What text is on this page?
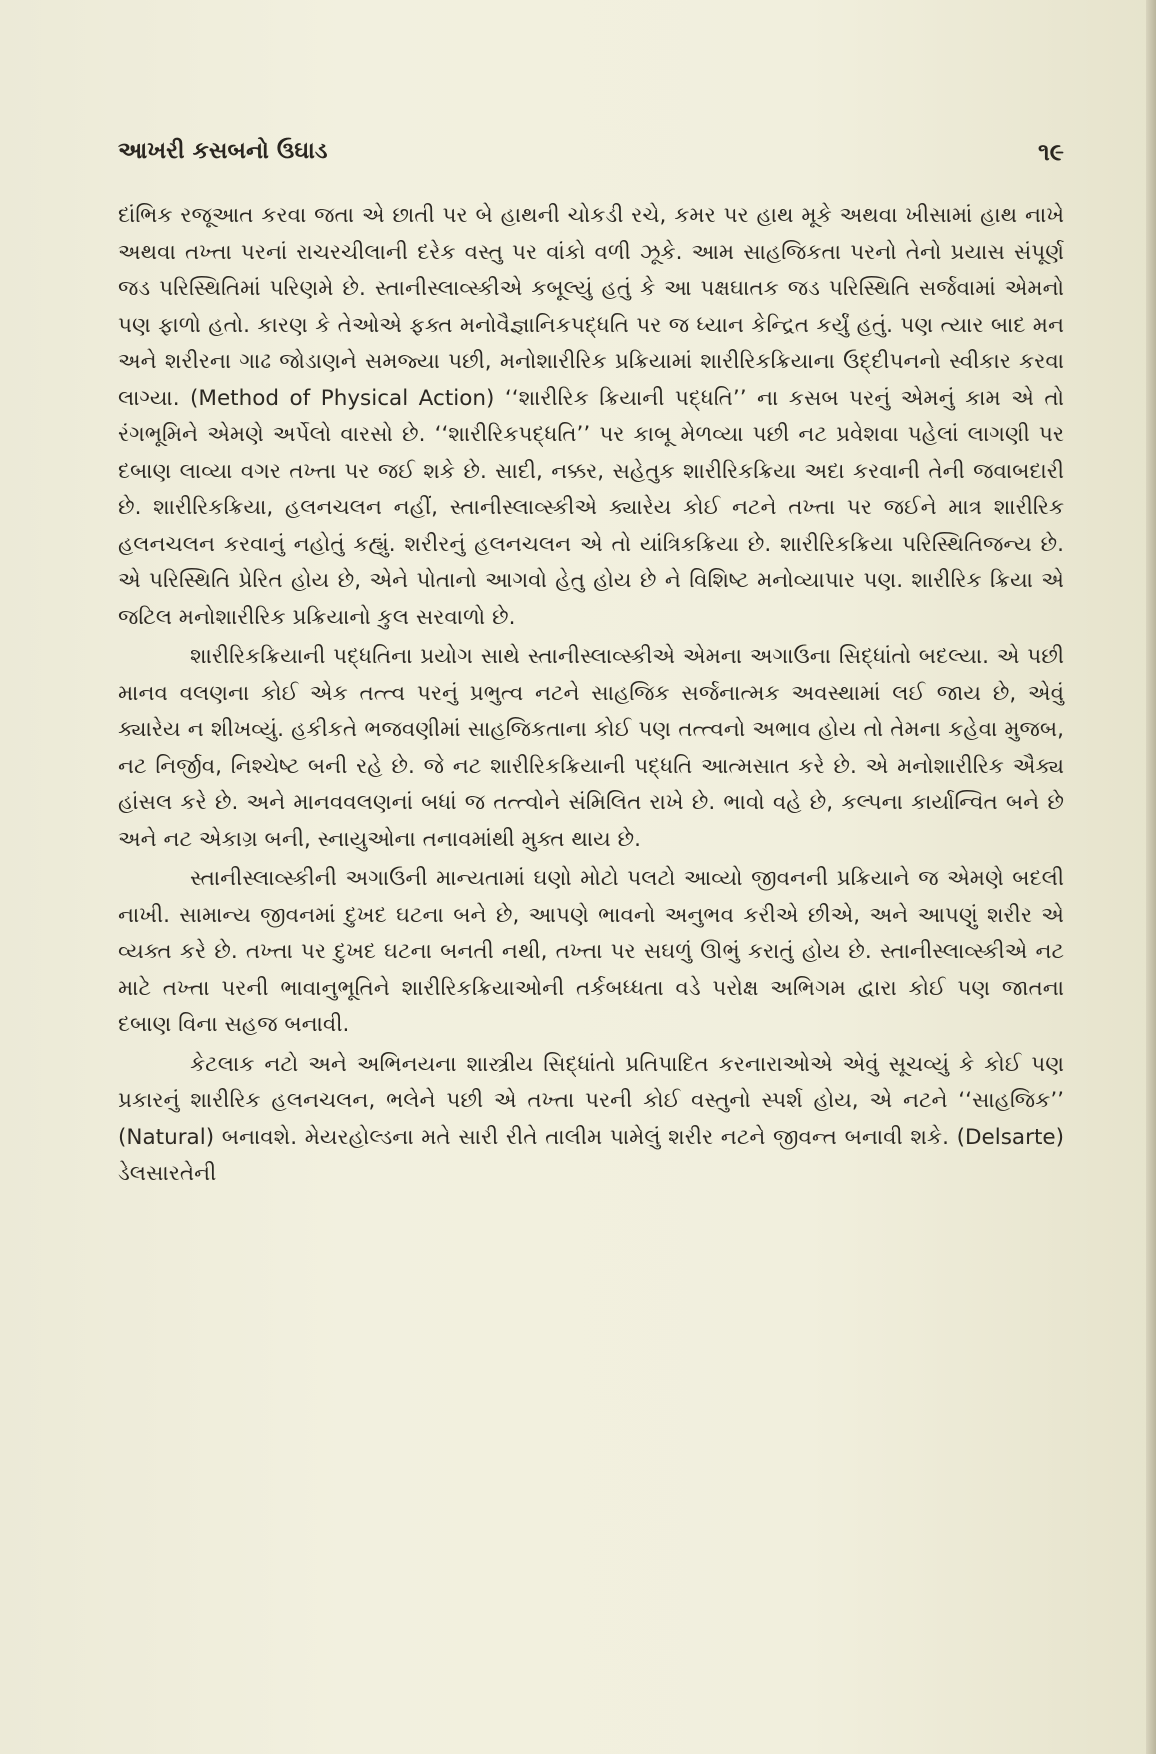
આખરી કસબનો ઉઘાડ	૧૯

દાંભિક રજૂઆત કરવા જતા એ છાતી પર બે હાથની ચોકડી રચે, કમર પર હાથ મૂકે અથવા ખીસામાં હાથ નાખે અથવા તખ્તા પરનાં રાચરચીલાની દરેક વસ્તુ પર વાંકો વળી ઝૂકે. આમ સાહજિકતા પરનો તેનો પ્રયાસ સંપૂર્ણ જડ પરિસ્થિતિમાં પરિણમે છે. સ્તાનીસ્લાવ્સ્કીએ કબૂલ્યું હતું કે આ પક્ષઘાતક જડ પરિસ્થિતિ સર્જવામાં એમનો પણ ફાળો હતો. કારણ કે તેઓએ ફક્ત મનોવૈજ્ઞાનિકપદ્ધતિ પર જ ધ્યાન કેન્દ્રિત કર્યું હતું. પણ ત્યાર બાદ મન અને શરીરના ગાઢ જોડાણને સમજ્યા પછી, મનોશારીરિક પ્રક્રિયામાં શારીરિકક્રિયાના ઉદ્દીપનનો સ્વીકાર કરવા લાગ્યા. (Method of Physical Action) ‘‘શારીરિક ક્રિયાની પદ્ધતિ’’ ના કસબ પરનું એમનું કામ એ તો રંગભૂમિને એમણે અર્પેલો વારસો છે. ‘‘શારીરિકપદ્ધતિ’’ પર કાબૂ મેળવ્યા પછી નટ પ્રવેશવા પહેલાં લાગણી પર દબાણ લાવ્યા વગર તખ્તા પર જઈ શકે છે. સાદી, નક્કર, સહેતુક શારીરિકક્રિયા અદા કરવાની તેની જવાબદારી છે. શારીરિકક્રિયા, હલનચલન નહીં, સ્તાનીસ્લાવ્સ્કીએ ક્યારેય કોઈ નટને તખ્તા પર જઈને માત્ર શારીરિક હલનચલન કરવાનું નહોતું કહ્યું. શરીરનું હલનચલન એ તો યાંત્રિકક્રિયા છે. શારીરિકક્રિયા પરિસ્થિતિજન્ય છે. એ પરિસ્થિતિ પ્રેરિત હોય છે, એને પોતાનો આગવો હેતુ હોય છે ને વિશિષ્ટ મનોવ્યાપાર પણ. શારીરિક ક્રિયા એ જટિલ મનોશારીરિક પ્રક્રિયાનો કુલ સરવાળો છે.

શારીરિકક્રિયાની પદ્ધતિના પ્રયોગ સાથે સ્તાનીસ્લાવ્સ્કીએ એમના અગાઉના સિદ્ધાંતો બદલ્યા. એ પછી માનવ વલણના કોઈ એક તત્ત્વ પરનું પ્રભુત્વ નટને સાહજિક સર્જનાત્મક અવસ્થામાં લઈ જાય છે, એવું ક્યારેય ન શીખવ્યું. હકીકતે ભજવણીમાં સાહજિકતાના કોઈ પણ તત્ત્વનો અભાવ હોય તો તેમના કહેવા મુજબ, નટ નિર્જીવ, નિશ્ચેષ્ટ બની રહે છે. જે નટ શારીરિકક્રિયાની પદ્ધતિ આત્મસાત કરે છે. એ મનોશારીરિક ઐક્ય હાંસલ કરે છે. અને માનવવલણનાં બધાં જ તત્ત્વોને સંમિલિત રાખે છે. ભાવો વહે છે, કલ્પના કાર્યાન્વિત બને છે અને નટ એકાગ્ર બની, સ્નાયુઓના તનાવમાંથી મુક્ત થાય છે.

સ્તાનીસ્લાવ્સ્કીની અગાઉની માન્યતામાં ઘણો મોટો પલટો આવ્યો જીવનની પ્રક્રિયાને જ એમણે બદલી નાખી. સામાન્ય જીવનમાં દુખદ ઘટના બને છે, આપણે ભાવનો અનુભવ કરીએ છીએ, અને આપણું શરીર એ વ્યક્ત કરે છે. તખ્તા પર દુખદ ઘટના બનતી નથી, તખ્તા પર સઘળું ઊભું કરાતું હોય છે. સ્તાનીસ્લાવ્સ્કીએ નટ માટે તખ્તા પરની ભાવાનુભૂતિને શારીરિકક્રિયાઓની તર્કબધ્ધતા વડે પરોક્ષ અભિગમ દ્વારા કોઈ પણ જાતના દબાણ વિના સહજ બનાવી.

કેટલાક નટો અને અભિનયના શાસ્ત્રીય સિદ્ધાંતો પ્રતિપાદિત કરનારાઓએ એવું સૂચવ્યું કે કોઈ પણ પ્રકારનું શારીરિક હલનચલન, ભલેને પછી એ તખ્તા પરની કોઈ વસ્તુનો સ્પર્શ હોય, એ નટને ‘‘સાહજિક’’ (Natural) બનાવશે. મેયરહોલ્ડના મતે સારી રીતે તાલીમ પામેલું શરીર નટને જીવન્ત બનાવી શકે. (Delsarte) ડેલસારતેની
